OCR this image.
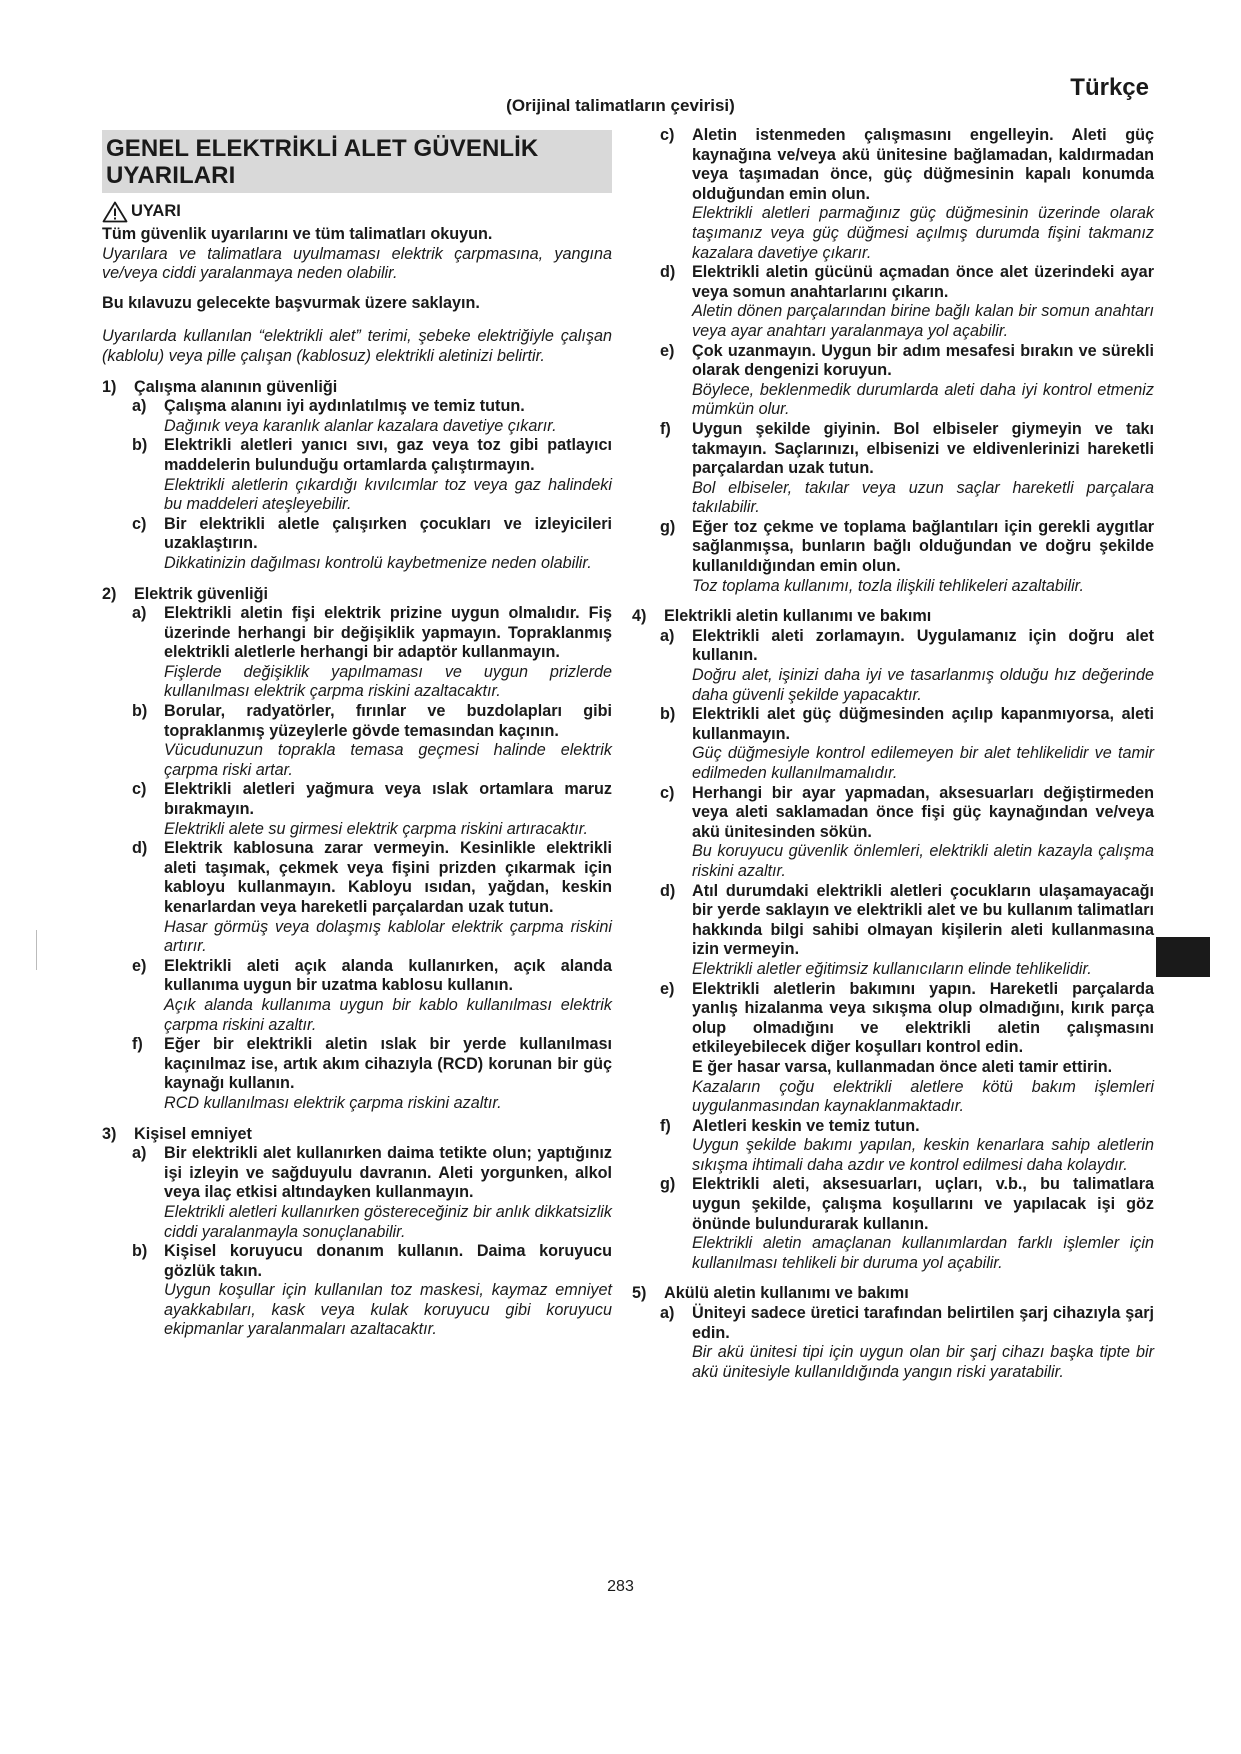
Türkçe
(Orijinal talimatların çevirisi)
GENEL ELEKTRİKLİ ALET GÜVENLİK UYARILARI
UYARI
Tüm güvenlik uyarılarını ve tüm talimatları okuyun.
Uyarılara ve talimatlara uyulmaması elektrik çarpmasına, yangına ve/veya ciddi yaralanmaya neden olabilir.
Bu kılavuzu gelecekte başvurmak üzere saklayın.
Uyarılarda kullanılan “elektrikli alet” terimi, şebeke elektriğiyle çalışan (kablolu) veya pille çalışan (kablosuz) elektrikli aletinizi belirtir.
1)	Çalışma alanının güvenliği
a)	Çalışma alanını iyi aydınlatılmış ve temiz tutun.
Dağınık veya karanlık alanlar kazalara davetiye çıkarır.
b)	Elektrikli aletleri yanıcı sıvı, gaz veya toz gibi patlayıcı maddelerin bulunduğu ortamlarda çalıştırmayın.
Elektrikli aletlerin çıkardığı kıvılcımlar toz veya gaz halindeki bu maddeleri ateşleyebilir.
c)	Bir elektrikli aletle çalışırken çocukları ve izleyicileri uzaklaştırın.
Dikkatinizin dağılması kontrolü kaybetmenize neden olabilir.
2)	Elektrik güvenliği
a)	Elektrikli aletin fişi elektrik prizine uygun olmalıdır. Fiş üzerinde herhangi bir değişiklik yapmayın. Topraklanmış elektrikli aletlerle herhangi bir adaptör kullanmayın.
Fişlerde değişiklik yapılmaması ve uygun prizlerde kullanılması elektrik çarpma riskini azaltacaktır.
b)	Borular, radyatörler, fırınlar ve buzdolapları gibi topraklanmış yüzeylerle gövde temasından kaçının.
Vücudunuzun toprakla temasa geçmesi halinde elektrik çarpma riski artar.
c)	Elektrikli aletleri yağmura veya ıslak ortamlara maruz bırakmayın.
Elektrikli alete su girmesi elektrik çarpma riskini artıracaktır.
d)	Elektrik kablosuna zarar vermeyin. Kesinlikle elektrikli aleti taşımak, çekmek veya fişini prizden çıkarmak için kabloyu kullanmayın. Kabloyu ısıdan, yağdan, keskin kenarlardan veya hareketli parçalardan uzak tutun.
Hasar görmüş veya dolaşmış kablolar elektrik çarpma riskini artırır.
e)	Elektrikli aleti açık alanda kullanırken, açık alanda kullanıma uygun bir uzatma kablosu kullanın.
Açık alanda kullanıma uygun bir kablo kullanılması elektrik çarpma riskini azaltır.
f)	Eğer bir elektrikli aletin ıslak bir yerde kullanılması kaçınılmaz ise, artık akım cihazıyla (RCD) korunan bir güç kaynağı kullanın.
RCD kullanılması elektrik çarpma riskini azaltır.
3)	Kişisel emniyet
a)	Bir elektrikli alet kullanırken daima tetikte olun; yaptığınız işi izleyin ve sağduyulu davranın. Aleti yorgunken, alkol veya ilaç etkisi altındayken kullanmayın.
Elektrikli aletleri kullanırken göstereceğiniz bir anlık dikkatsizlik ciddi yaralanmayla sonuçlanabilir.
b)	Kişisel koruyucu donanım kullanın. Daima koruyucu gözlük takın.
Uygun koşullar için kullanılan toz maskesi, kaymaz emniyet ayakkabıları, kask veya kulak koruyucu gibi koruyucu ekipmanlar yaralanmaları azaltacaktır.
c)	Aletin istenmeden çalışmasını engelleyin. Aleti güç kaynağına ve/veya akü ünitesine bağlamadan, kaldırmadan veya taşımadan önce, güç düğmesinin kapalı konumda olduğundan emin olun.
Elektrikli aletleri parmağınız güç düğmesinin üzerinde olarak taşımanız veya güç düğmesi açılmış durumda fişini takmanız kazalara davetiye çıkarır.
d)	Elektrikli aletin gücünü açmadan önce alet üzerindeki ayar veya somun anahtarlarını çıkarın.
Aletin dönen parçalarından birine bağlı kalan bir somun anahtarı veya ayar anahtarı yaralanmaya yol açabilir.
e)	Çok uzanmayın. Uygun bir adım mesafesi bırakın ve sürekli olarak dengenizi koruyun.
Böylece, beklenmedik durumlarda aleti daha iyi kontrol etmeniz mümkün olur.
f)	Uygun şekilde giyinin. Bol elbiseler giymeyin ve takı takmayın. Saçlarınızı, elbisenizi ve eldivenlerinizi hareketli parçalardan uzak tutun.
Bol elbiseler, takılar veya uzun saçlar hareketli parçalara takılabilir.
g)	Eğer toz çekme ve toplama bağlantıları için gerekli aygıtlar sağlanmışsa, bunların bağlı olduğundan ve doğru şekilde kullanıldığından emin olun.
Toz toplama kullanımı, tozla ilişkili tehlikeleri azaltabilir.
4)	Elektrikli aletin kullanımı ve bakımı
a)	Elektrikli aleti zorlamayın. Uygulamanız için doğru alet kullanın.
Doğru alet, işinizi daha iyi ve tasarlanmış olduğu hız değerinde daha güvenli şekilde yapacaktır.
b)	Elektrikli alet güç düğmesinden açılıp kapanmıyorsa, aleti kullanmayın.
Güç düğmesiyle kontrol edilemeyen bir alet tehlikelidir ve tamir edilmeden kullanılmamalıdır.
c)	Herhangi bir ayar yapmadan, aksesuarları değiştirmeden veya aleti saklamadan önce fişi güç kaynağından ve/veya akü ünitesinden sökün.
Bu koruyucu güvenlik önlemleri, elektrikli aletin kazayla çalışma riskini azaltır.
d)	Atıl durumdaki elektrikli aletleri çocukların ulaşamayacağı bir yerde saklayın ve elektrikli alet ve bu kullanım talimatları hakkında bilgi sahibi olmayan kişilerin aleti kullanmasına izin vermeyin.
Elektrikli aletler eğitimsiz kullanıcıların elinde tehlikelidir.
e)	Elektrikli aletlerin bakımını yapın. Hareketli parçalarda yanlış hizalanma veya sıkışma olup olmadığını, kırık parça olup olmadığını ve elektrikli aletin çalışmasını etkileyebilecek diğer koşulları kontrol edin.
E ğer hasar varsa, kullanmadan önce aleti tamir ettirin.
Kazaların çoğu elektrikli aletlere kötü bakım işlemleri uygulanmasından kaynaklanmaktadır.
f)	Aletleri keskin ve temiz tutun.
Uygun şekilde bakımı yapılan, keskin kenarlara sahip aletlerin sıkışma ihtimali daha azdır ve kontrol edilmesi daha kolaydır.
g)	Elektrikli aleti, aksesuarları, uçları, v.b., bu talimatlara uygun şekilde, çalışma koşullarını ve yapılacak işi göz önünde bulundurarak kullanın.
Elektrikli aletin amaçlanan kullanımlardan farklı işlemler için kullanılması tehlikeli bir duruma yol açabilir.
5)	Akülü aletin kullanımı ve bakımı
a)	Üniteyi sadece üretici tarafından belirtilen şarj cihazıyla şarj edin.
Bir akü ünitesi tipi için uygun olan bir şarj cihazı başka tipte bir akü ünitesiyle kullanıldığında yangın riski yaratabilir.
283
